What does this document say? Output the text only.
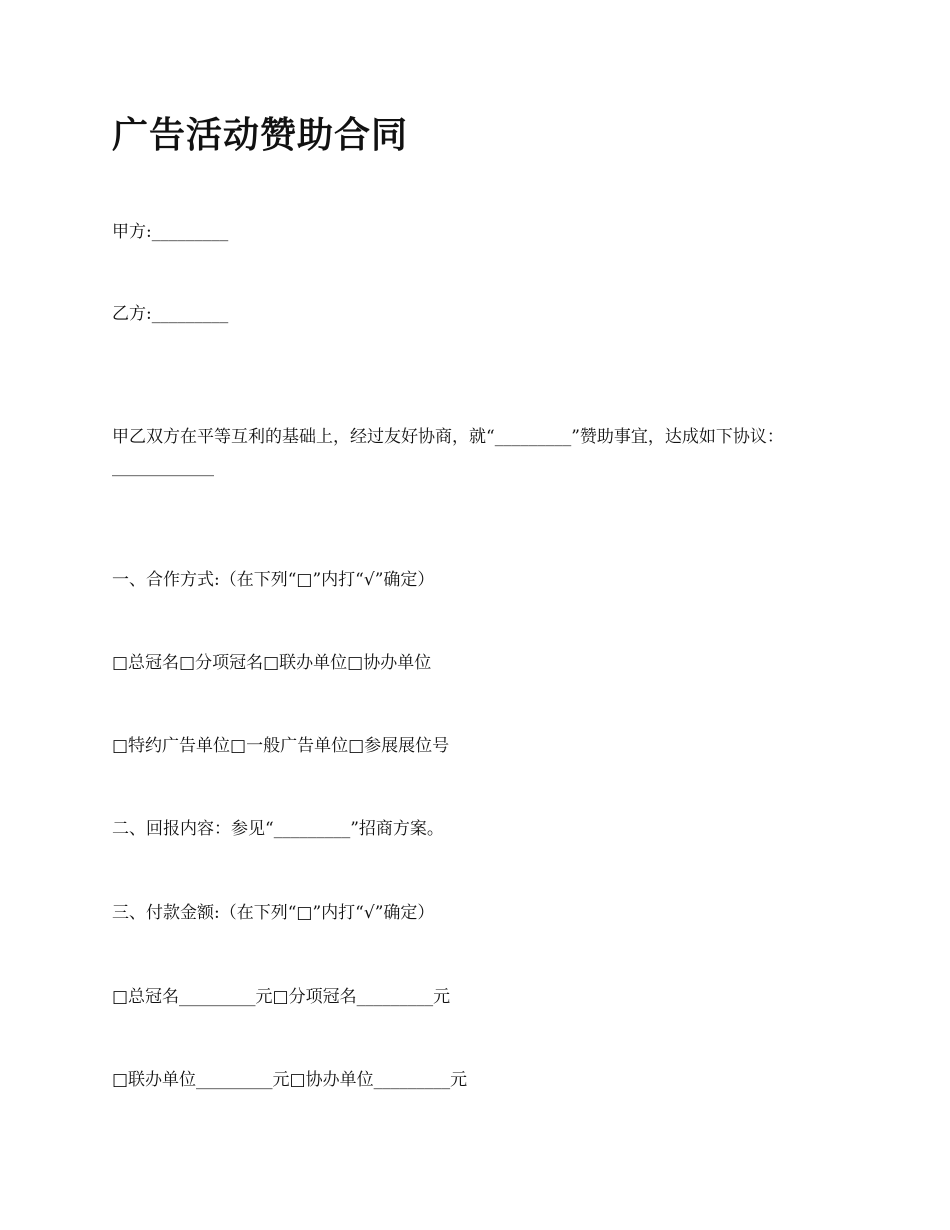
广告活动赞助合同
甲方:_________
乙方:_________
甲乙双方在平等互利的基础上，经过友好协商，就“_________”赞助事宜，达成如下协议：____________
一、合作方式:（在下列“□”内打“√”确定）
□总冠名□分项冠名□联办单位□协办单位
□特约广告单位□一般广告单位□参展展位号
二、回报内容：参见“_________”招商方案。
三、付款金额:（在下列“□”内打“√”确定）
□总冠名_________元□分项冠名_________元
□联办单位_________元□协办单位_________元
